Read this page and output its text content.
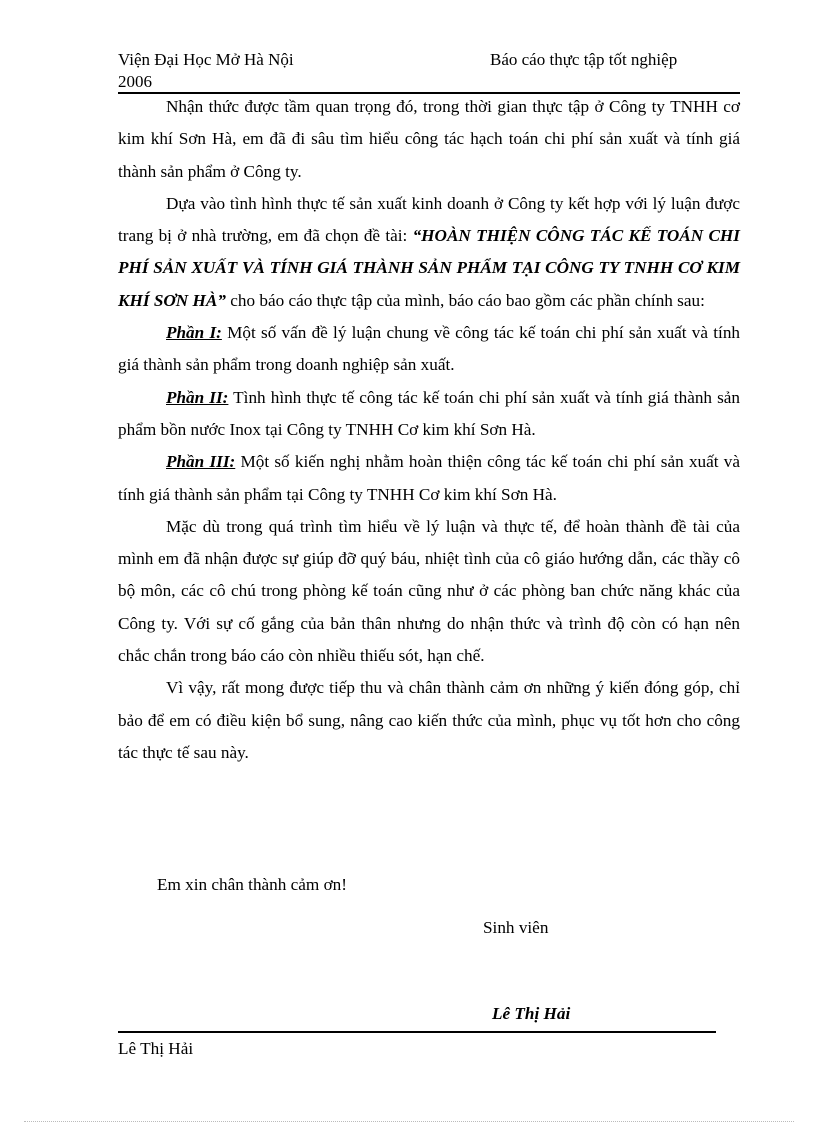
Viện Đại Học Mở Hà Nội
2006
Báo cáo thực tập tốt nghiệp

Nhận thức được tầm quan trọng đó, trong thời gian thực tập ở Công ty TNHH cơ kim khí Sơn Hà, em đã đi sâu tìm hiểu công tác hạch toán chi phí sản xuất và tính giá thành sản phẩm ở Công ty.

Dựa vào tình hình thực tế sản xuất kinh doanh ở Công ty kết hợp với lý luận được trang bị ở nhà trường, em đã chọn đề tài: “HOÀN THIỆN CÔNG TÁC KẾ TOÁN CHI PHÍ SẢN XUẤT VÀ TÍNH GIÁ THÀNH SẢN PHẨM TẠI CÔNG TY TNHH CƠ KIM KHÍ SƠN HÀ” cho báo cáo thực tập của mình, báo cáo bao gồm các phần chính sau:

Phần I: Một số vấn đề lý luận chung về công tác kế toán chi phí sản xuất và tính giá thành sản phẩm trong doanh nghiệp sản xuất.

Phần II: Tình hình thực tế công tác kế toán chi phí sản xuất và tính giá thành sản phẩm bồn nước Inox tại Công ty TNHH Cơ kim khí Sơn Hà.

Phần III: Một số kiến nghị nhằm hoàn thiện công tác kế toán chi phí sản xuất và tính giá thành sản phẩm tại Công ty TNHH Cơ kim khí Sơn Hà.

Mặc dù trong quá trình tìm hiểu về lý luận và thực tế, để hoàn thành đề tài của mình em đã nhận được sự giúp đỡ quý báu, nhiệt tình của cô giáo hướng dẫn, các thầy cô bộ môn, các cô chú trong phòng kế toán cũng như ở các phòng ban chức năng khác của Công ty. Với sự cố gắng của bản thân nhưng do nhận thức và trình độ còn có hạn nên chắc chắn trong báo cáo còn nhiều thiếu sót, hạn chế.

Vì vậy, rất mong được tiếp thu và chân thành cảm ơn những ý kiến đóng góp, chỉ bảo để em có điều kiện bổ sung, nâng cao kiến thức của mình, phục vụ tốt hơn cho công tác thực tế sau này.

Em xin chân thành cảm ơn!
Sinh viên
Lê Thị Hải
Lê Thị Hải
